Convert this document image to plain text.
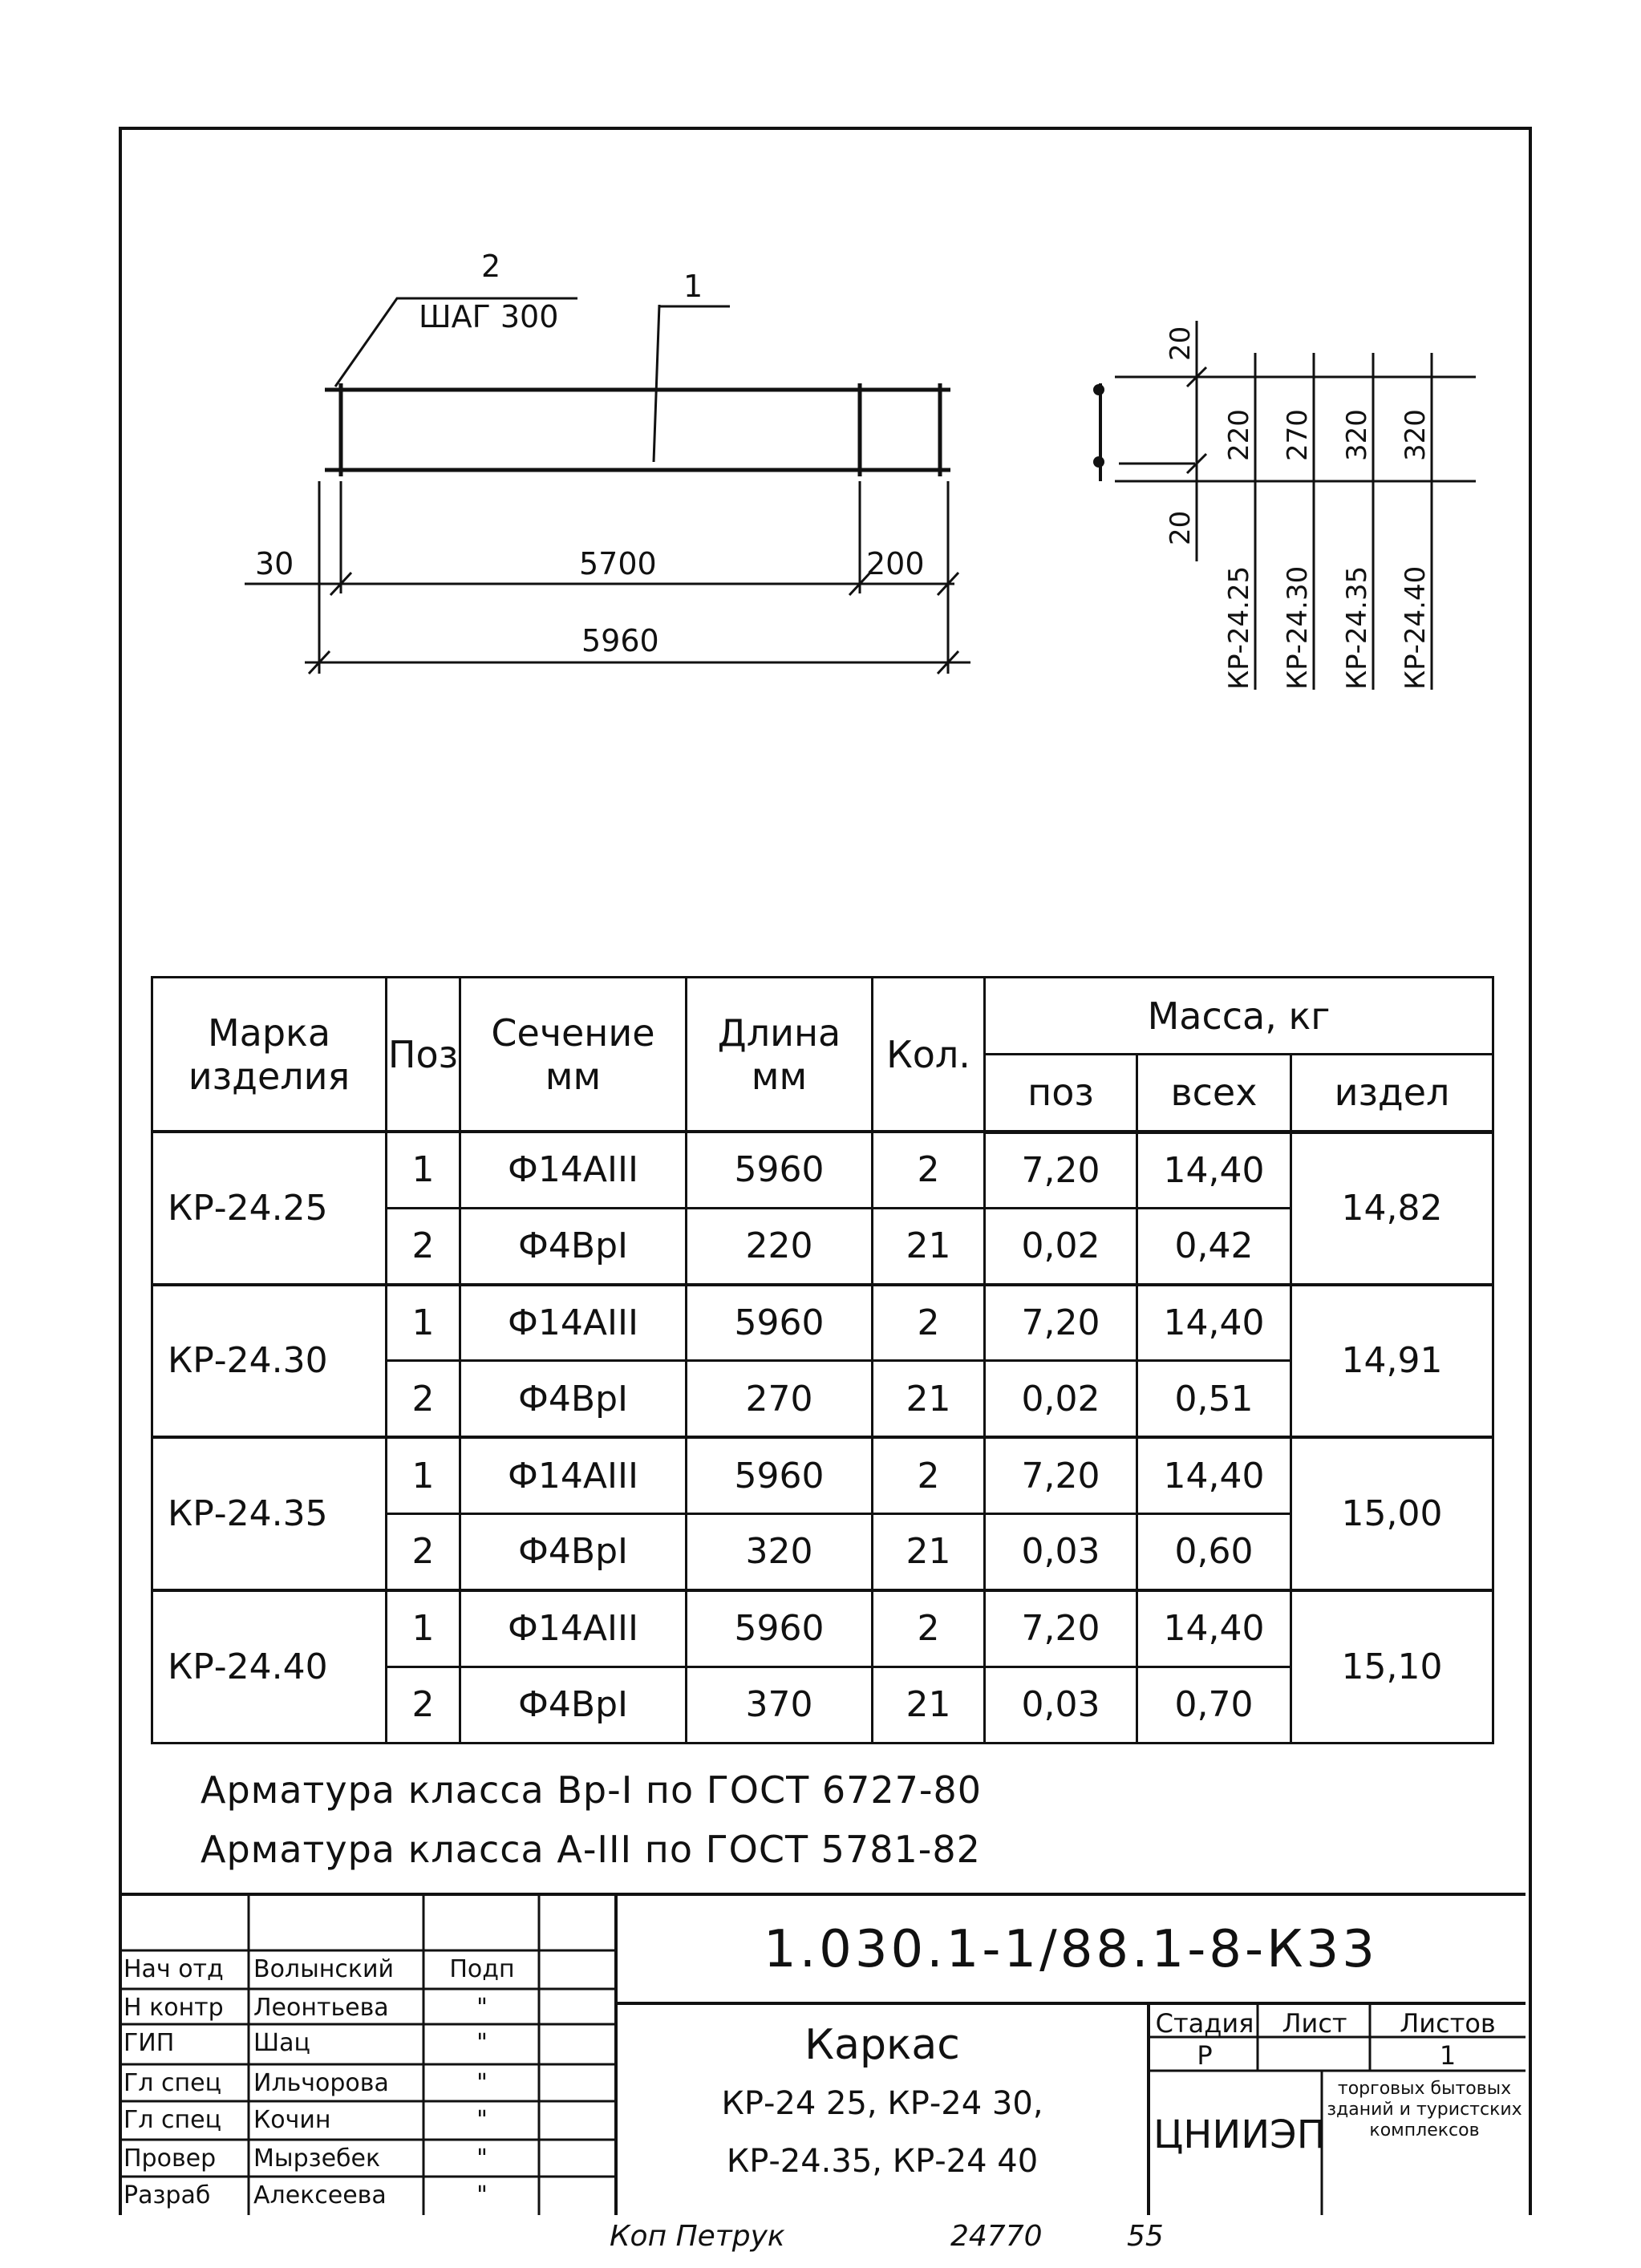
2
ШАГ 300
1
30	5700	200
5960
20
20
220 270 320 320
КР-24.25 КР-24.30 КР-24.35 КР-24.40
Марка изделия	Поз	Сечение мм	Длина мм	Кол.	Масса, кг		
					поз	всех	издел
КР-24.25	1	Ф14АIII	5960	2	7,20	14,40	14,82
	2	Ф4ВрI	220	21	0,02	0,42	
КР-24.30	1	Ф14АIII	5960	2	7,20	14,40	14,91
	2	Ф4ВрI	270	21	0,02	0,51	
КР-24.35	1	Ф14АIII	5960	2	7,20	14,40	15,00
	2	Ф4ВрI	320	21	0,03	0,60	
КР-24.40	1	Ф14АIII	5960	2	7,20	14,40	15,10
	2	Ф4ВрI	370	21	0,03	0,70	
Арматура класса Вр-I по ГОСТ 6727-80
Арматура класса А-III по ГОСТ 5781-82
Нач отд	Волынский	Подп
Н контр	Леонтьева	"
ГИП	Шац	"
Гл спец	Ильчорова	"
Гл спец	Кочин	"
Провер	Мырзебек	"
Разраб	Алексеева	"
1.030.1-1/88.1-8-К33
Каркас
КР-24 25, КР-24 30,
КР-24.35, КР-24 40
Стадия	Лист	Листов
Р	1
ЦНИИЭП
торговых бытовых зданий и туристских комплексов
Коп Петрук	24770	55
